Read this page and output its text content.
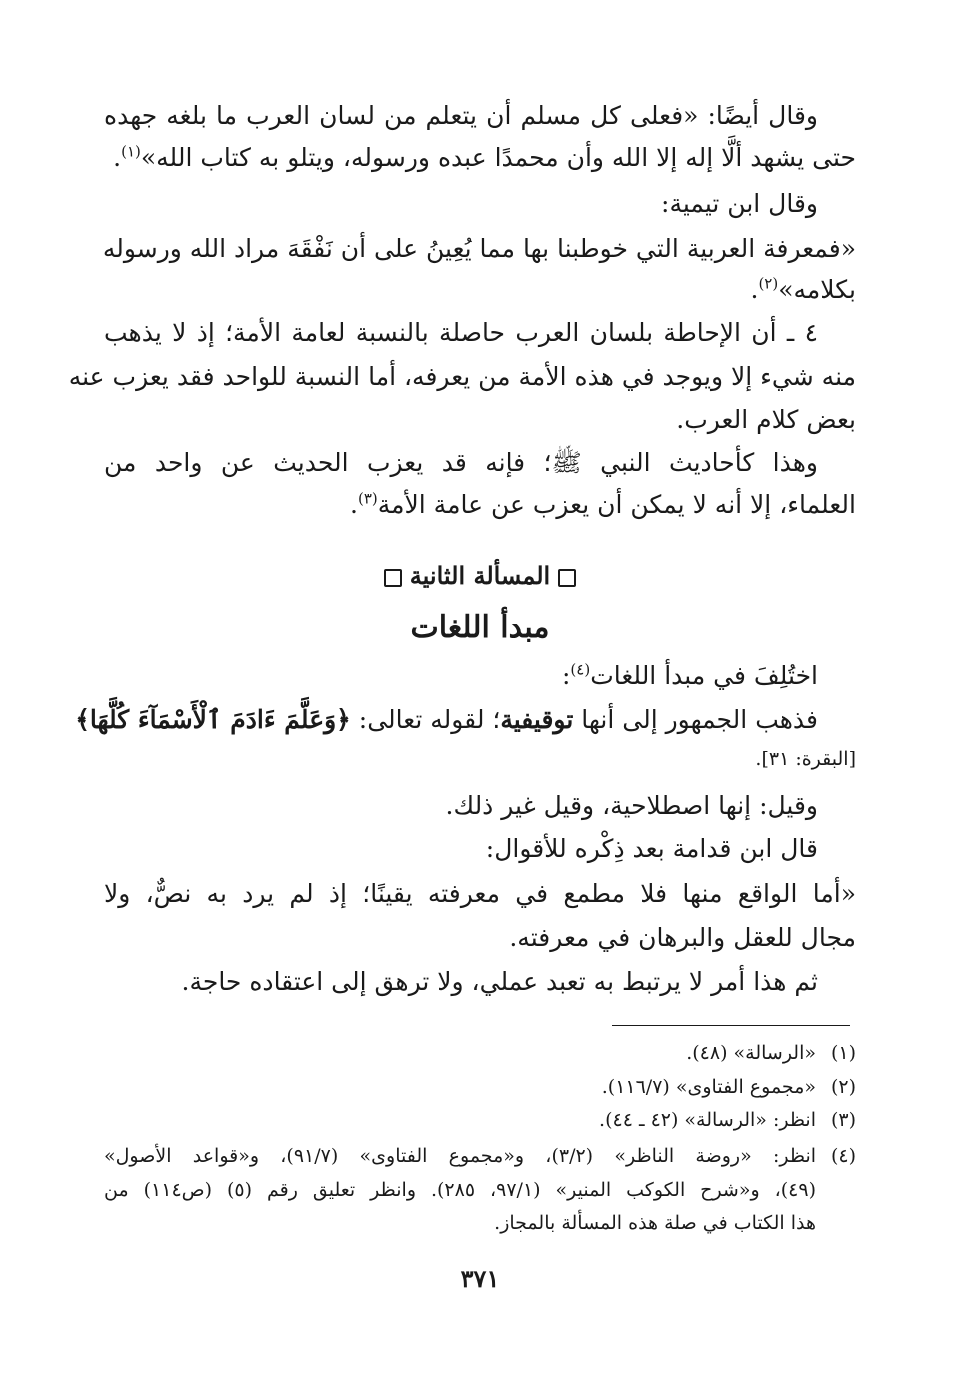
وقال أيضًا: «فعلى كل مسلم أن يتعلم من لسان العرب ما بلغه جهده
حتى يشهد ألَّا إله إلا الله وأن محمدًا عبده ورسوله، ويتلو به كتاب الله»$^{(١)}$.
وقال ابن تيمية:
«فمعرفة العربية التي خوطبنا بها مما يُعِينُ على أن نَفْقَهَ مراد الله ورسوله
بكلامه»$^{(٢)}$.
٤ ـ أن الإحاطة بلسان العرب حاصلة بالنسبة لعامة الأمة؛ إذ لا يذهب
منه شيء إلا ويوجد في هذه الأمة من يعرفه، أما النسبة للواحد فقد يعزب عنه
بعض كلام العرب.
وهذا كأحاديث النبي ﷺ؛ فإنه قد يعزب الحديث عن واحد من
العلماء، إلا أنه لا يمكن أن يعزب عن عامة الأمة$^{(٣)}$.
المسألة الثانية
مبدأ اللغات
اختُلِفَ في مبدأ اللغات$^{(٤)}$:
فذهب الجمهور إلى أنها توقيفية؛ لقوله تعالى: ﴿وَعَلَّمَ ءَادَمَ ٱلْأَسْمَآءَ كُلَّهَا﴾
[البقرة: ٣١].
وقيل: إنها اصطلاحية، وقيل غير ذلك.
قال ابن قدامة بعد ذِكْره للأقوال:
«أما الواقع منها فلا مطمع في معرفته يقينًا؛ إذ لم يرد به نصٌّ، ولا
مجال للعقل والبرهان في معرفته.
ثم هذا أمر لا يرتبط به تعبد عملي، ولا ترهق إلى اعتقاده حاجة.
(١)«الرسالة» (٤٨).
(٢)«مجموع الفتاوى» (١١٦/٧).
(٣)انظر: «الرسالة» (٤٢ ـ ٤٤).
(٤)انظر: «روضة الناظر» (٣/٢)، و«مجموع الفتاوى» (٩١/٧)، و«قواعد الأصول»
(٤٩)، و«شرح الكوكب المنير» (٩٧/١، ٢٨٥). وانظر تعليق رقم (٥) (ص١١٤) من
هذا الكتاب في صلة هذه المسألة بالمجاز.
٣٧١
